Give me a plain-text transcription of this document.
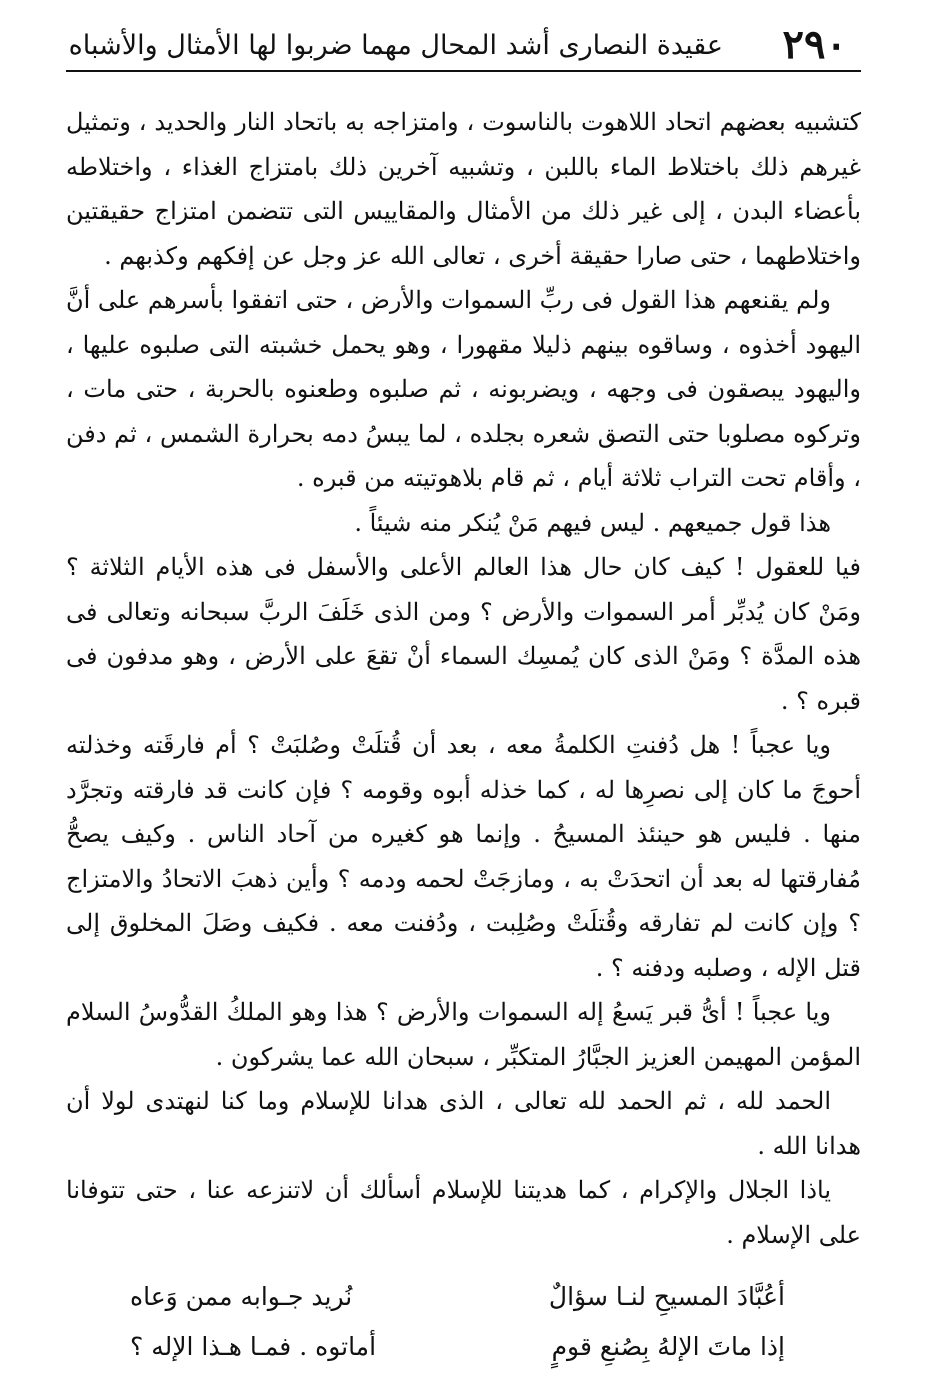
٢٩٠
عقيدة النصارى أشد المحال مهما ضربوا لها الأمثال والأشباه

كتشبيه بعضهم اتحاد اللاهوت بالناسوت ، وامتزاجه به باتحاد النار والحديد ، وتمثيل غيرهم ذلك باختلاط الماء باللبن ، وتشبيه آخرين ذلك بامتزاج الغذاء ، واختلاطه بأعضاء البدن ، إلى غير ذلك من الأمثال والمقاييس التى تتضمن امتزاج حقيقتين واختلاطهما ، حتى صارا حقيقة أخرى ، تعالى الله عز وجل عن إفكهم وكذبهم .

ولم يقنعهم هذا القول فى ربِّ السموات والأرض ، حتى اتفقوا بأسرهم على أنَّ اليهود أخذوه ، وساقوه بينهم ذليلا مقهورا ، وهو يحمل خشبته التى صلبوه عليها ، واليهود يبصقون فى وجهه ، ويضربونه ، ثم صلبوه وطعنوه بالحربة ، حتى مات ، وتركوه مصلوبا حتى التصق شعره بجلده ، لما يبسُ دمه بحرارة الشمس ، ثم دفن ، وأقام تحت التراب ثلاثة أيام ، ثم قام بلاهوتيته من قبره .

هذا قول جميعهم . ليس فيهم مَنْ يُنكر منه شيئاً .

فيا للعقول ! كيف كان حال هذا العالم الأعلى والأسفل فى هذه الأيام الثلاثة ؟ ومَنْ كان يُدبِّر أمر السموات والأرض ؟ ومن الذى خَلَفَ الربَّ سبحانه وتعالى فى هذه المدَّة ؟ ومَنْ الذى كان يُمسِك السماء أنْ تقعَ على الأرض ، وهو مدفون فى قبره ؟ .

ويا عجباً ! هل دُفنتِ الكلمةُ معه ، بعد أن قُتلَتْ وصُلبَتْ ؟ أم فارقَته وخذلته أحوجَ ما كان إلى نصرِها له ، كما خذله أبوه وقومه ؟ فإن كانت قد فارقته وتجرَّد منها . فليس هو حينئذ المسيحُ . وإنما هو كغيره من آحاد الناس . وكيف يصحُّ مُفارقتها له بعد أن اتحدَتْ به ، ومازجَتْ لحمه ودمه ؟ وأين ذهبَ الاتحادُ والامتزاج ؟ وإن كانت لم تفارقه وقُتلَتْ وصُلِبت ، ودُفنت معه . فكيف وصَلَ المخلوق إلى قتل الإله ، وصلبه ودفنه ؟ .

ويا عجباً ! أىُّ قبر يَسعُ إله السموات والأرض ؟ هذا وهو الملكُ القدُّوسُ السلام المؤمن المهيمن العزيز الجبَّارُ المتكبِّر ، سبحان الله عما يشركون .

الحمد لله ، ثم الحمد لله تعالى ، الذى هدانا للإسلام وما كنا لنهتدى لولا أن هدانا الله .

ياذا الجلال والإكرام ، كما هديتنا للإسلام أسألك أن لاتنزعه عنا ، حتى تتوفانا على الإسلام .

أعُبَّادَ المسيحِ لنـا سؤالٌ
نُريد جـوابه ممن وَعاه
إذا ماتَ الإلهُ بِصُنعِ قومٍ
أماتوه . فمـا هـذا الإله ؟
